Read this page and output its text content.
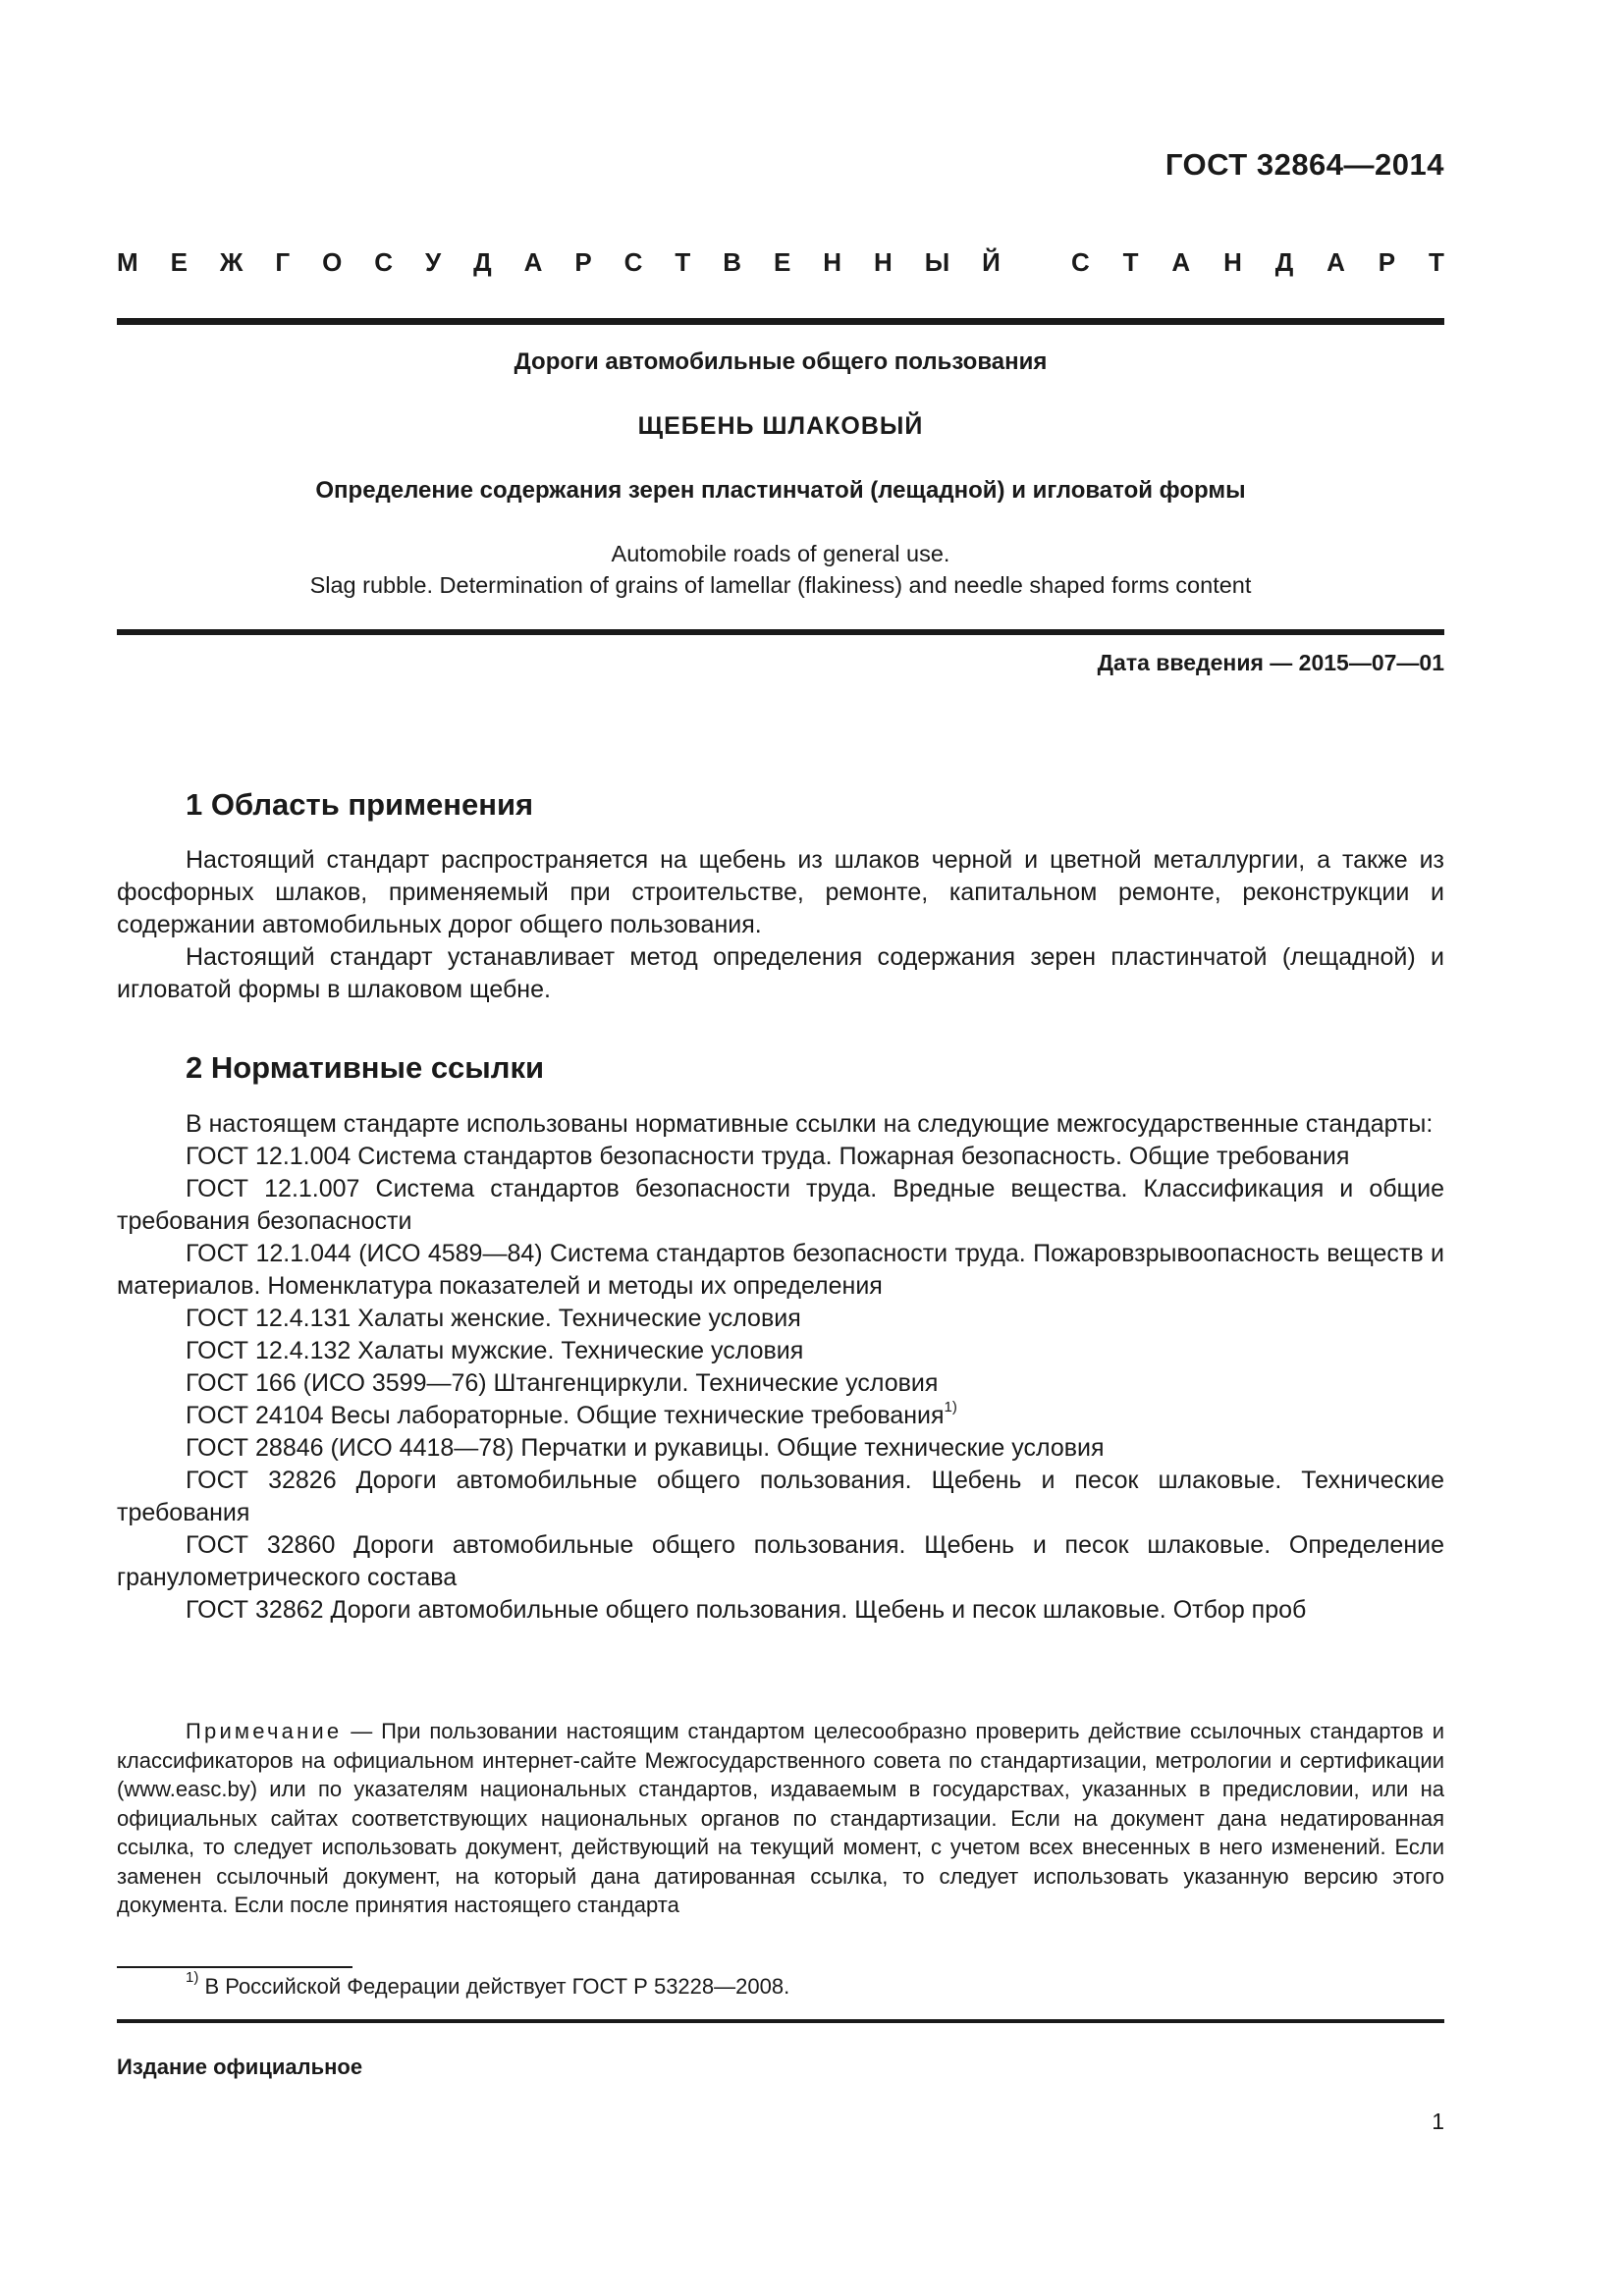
ГОСТ 32864—2014
М Е Ж Г О С У Д А Р С Т В Е Н Н Ы Й	С Т А Н Д А Р Т
Дороги автомобильные общего пользования
ЩЕБЕНЬ ШЛАКОВЫЙ
Определение содержания зерен пластинчатой (лещадной) и игловатой формы
Automobile roads of general use.
Slag rubble. Determination of grains of lamellar (flakiness) and needle shaped forms content
Дата введения — 2015—07—01
1 Область применения

Настоящий стандарт распространяется на щебень из шлаков черной и цветной металлургии, а также из фосфорных шлаков, применяемый при строительстве, ремонте, капитальном ремонте, реконструкции и содержании автомобильных дорог общего пользования.

Настоящий стандарт устанавливает метод определения содержания зерен пластинчатой (лещадной) и игловатой формы в шлаковом щебне.

2 Нормативные ссылки

В настоящем стандарте использованы нормативные ссылки на следующие межгосударственные стандарты:

ГОСТ 12.1.004 Система стандартов безопасности труда. Пожарная безопасность. Общие требования

ГОСТ 12.1.007 Система стандартов безопасности труда. Вредные вещества. Классификация и общие требования безопасности

ГОСТ 12.1.044 (ИСО 4589—84) Система стандартов безопасности труда. Пожаровзрывоопасность веществ и материалов. Номенклатура показателей и методы их определения

ГОСТ 12.4.131 Халаты женские. Технические условия

ГОСТ 12.4.132 Халаты мужские. Технические условия

ГОСТ 166 (ИСО 3599—76) Штангенциркули. Технические условия

ГОСТ 24104 Весы лабораторные. Общие технические требования$^{1)}$

ГОСТ 28846 (ИСО 4418—78) Перчатки и рукавицы. Общие технические условия

ГОСТ 32826 Дороги автомобильные общего пользования. Щебень и песок шлаковые. Технические требования

ГОСТ 32860 Дороги автомобильные общего пользования. Щебень и песок шлаковые. Определение гранулометрического состава

ГОСТ 32862 Дороги автомобильные общего пользования. Щебень и песок шлаковые. Отбор проб

Примечание — При пользовании настоящим стандартом целесообразно проверить действие ссылочных стандартов и классификаторов на официальном интернет-сайте Межгосударственного совета по стандартизации, метрологии и сертификации (www.easc.by) или по указателям национальных стандартов, издаваемым в государствах, указанных в предисловии, или на официальных сайтах соответствующих национальных органов по стандартизации. Если на документ дана недатированная ссылка, то следует использовать документ, действующий на текущий момент, с учетом всех внесенных в него изменений. Если заменен ссылочный документ, на который дана датированная ссылка, то следует использовать указанную версию этого документа. Если после принятия настоящего стандарта

$^{1)}$ В Российской Федерации действует ГОСТ Р 53228—2008.
Издание официальное
1
